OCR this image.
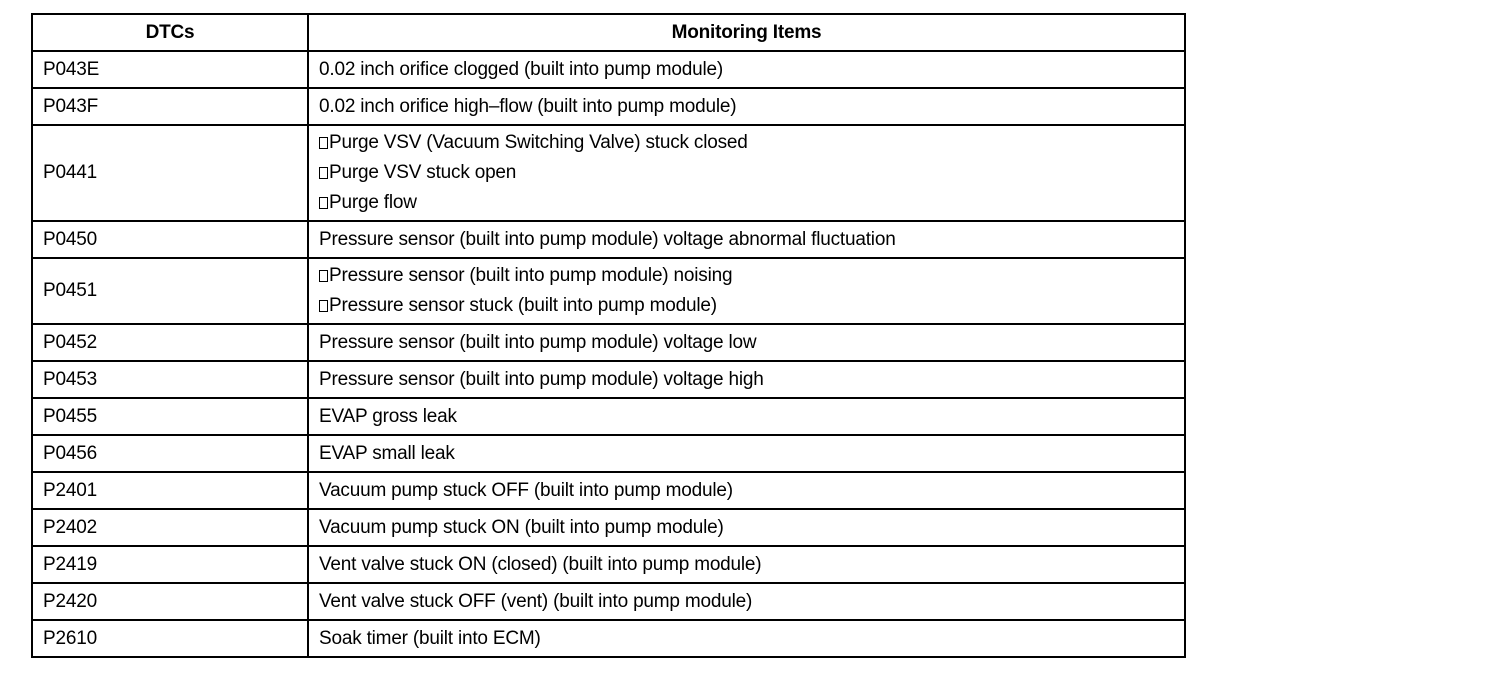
DTCs	Monitoring Items
P043E	0.02 inch orifice clogged (built into pump module)

P043F	0.02 inch orifice high–flow (built into pump module)

P0441	Purge VSV (Vacuum Switching Valve) stuck closed
Purge VSV stuck open
Purge flow

P0450	Pressure sensor (built into pump module) voltage abnormal fluctuation

P0451	Pressure sensor (built into pump module) noising
Pressure sensor stuck (built into pump module)

P0452	Pressure sensor (built into pump module) voltage low

P0453	Pressure sensor (built into pump module) voltage high

P0455	EVAP gross leak

P0456	EVAP small leak

P2401	Vacuum pump stuck OFF (built into pump module)

P2402	Vacuum pump stuck ON (built into pump module)

P2419	Vent valve stuck ON (closed) (built into pump module)

P2420	Vent valve stuck OFF (vent) (built into pump module)

P2610	Soak timer (built into ECM)
